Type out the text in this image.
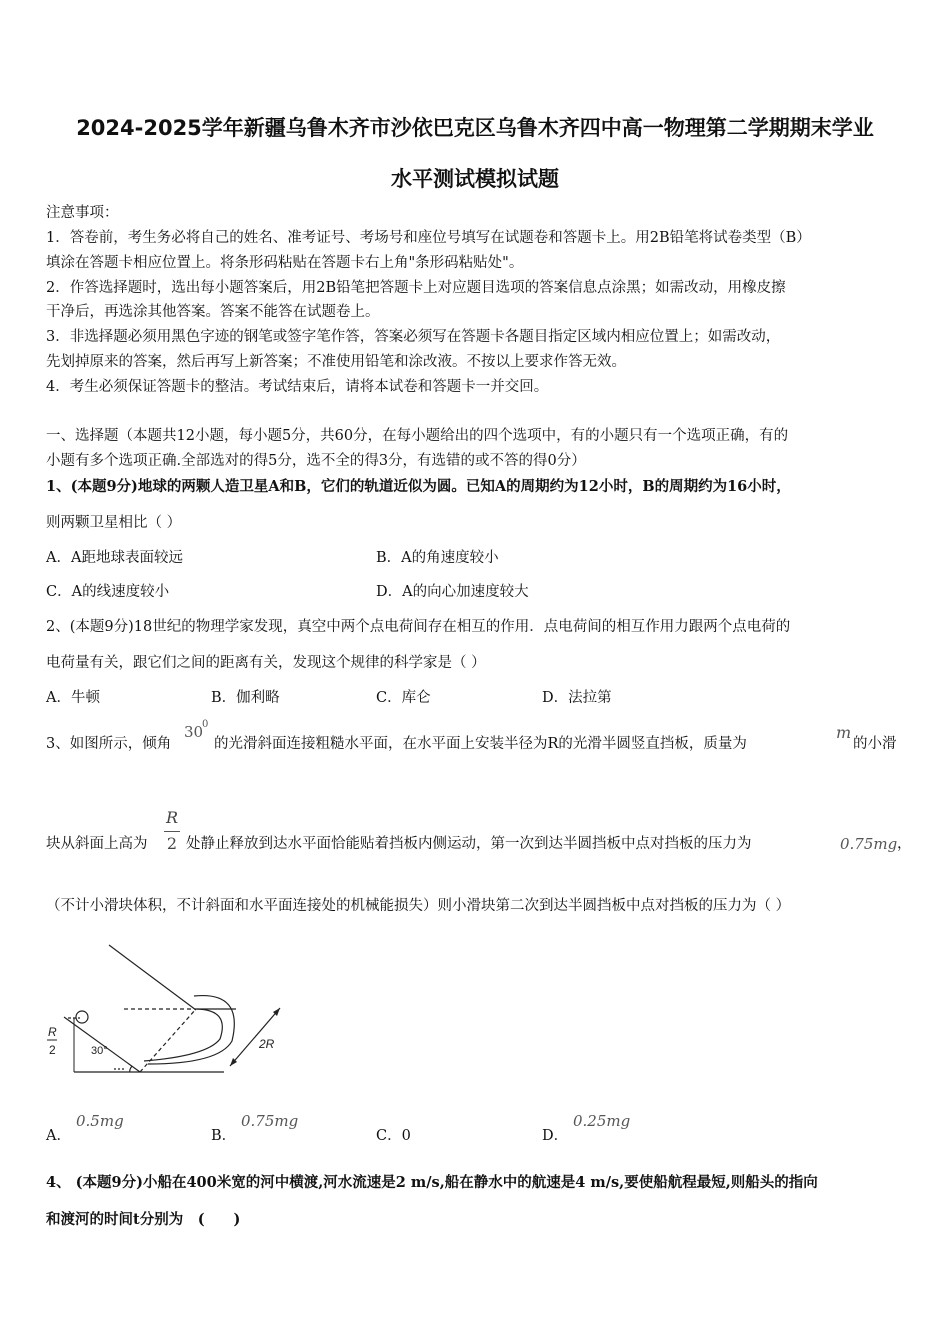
2024-2025学年新疆乌鲁木齐市沙依巴克区乌鲁木齐四中高一物理第二学期期末学业
水平测试模拟试题
注意事项：
1．答卷前，考生务必将自己的姓名、准考证号、考场号和座位号填写在试题卷和答题卡上。用2B铅笔将试卷类型（B）
填涂在答题卡相应位置上。将条形码粘贴在答题卡右上角"条形码粘贴处"。
2．作答选择题时，选出每小题答案后，用2B铅笔把答题卡上对应题目选项的答案信息点涂黑；如需改动，用橡皮擦
干净后，再选涂其他答案。答案不能答在试题卷上。
3．非选择题必须用黑色字迹的钢笔或签字笔作答，答案必须写在答题卡各题目指定区域内相应位置上；如需改动，
先划掉原来的答案，然后再写上新答案；不准使用铅笔和涂改液。不按以上要求作答无效。
4．考生必须保证答题卡的整洁。考试结束后，请将本试卷和答题卡一并交回。
一、选择题（本题共12小题，每小题5分，共60分，在每小题给出的四个选项中，有的小题只有一个选项正确，有的
小题有多个选项正确.全部选对的得5分，选不全的得3分，有选错的或不答的得0分）
1、(本题9分)地球的两颗人造卫星A和B，它们的轨道近似为圆。已知A的周期约为12小时，B的周期约为16小时，
则两颗卫星相比（ ）
A．A距地球表面较远	B．A的角速度较小
C．A的线速度较小	D．A的向心加速度较大
2、(本题9分)18世纪的物理学家发现，真空中两个点电荷间存在相互的作用．点电荷间的相互作用力跟两个点电荷的
电荷量有关，跟它们之间的距离有关，发现这个规律的科学家是（ ）
A．牛顿	B．伽利略	C．库仑	D．法拉第
3、如图所示，倾角
30
0
的光滑斜面连接粗糙水平面，在水平面上安装半径为R的光滑半圆竖直挡板，质量为
m
的小滑
块从斜面上高为
R
2 处静止释放到达水平面恰能贴着挡板内侧运动，第一次到达半圆挡板中点对挡板的压力为	0.75mg ，
（不计小滑块体积，不计斜面和水平面连接处的机械能损失）则小滑块第二次到达半圆挡板中点对挡板的压力为（ ）
R
2	30°	2R
A．
0.5mg
B．
0.75mg
C．0	D．
0.25mg
4、 (本题9分)小船在400米宽的河中横渡,河水流速是2 m/s,船在静水中的航速是4 m/s,要使船航程最短,则船头的指向
和渡河的时间t分别为　(　　)
